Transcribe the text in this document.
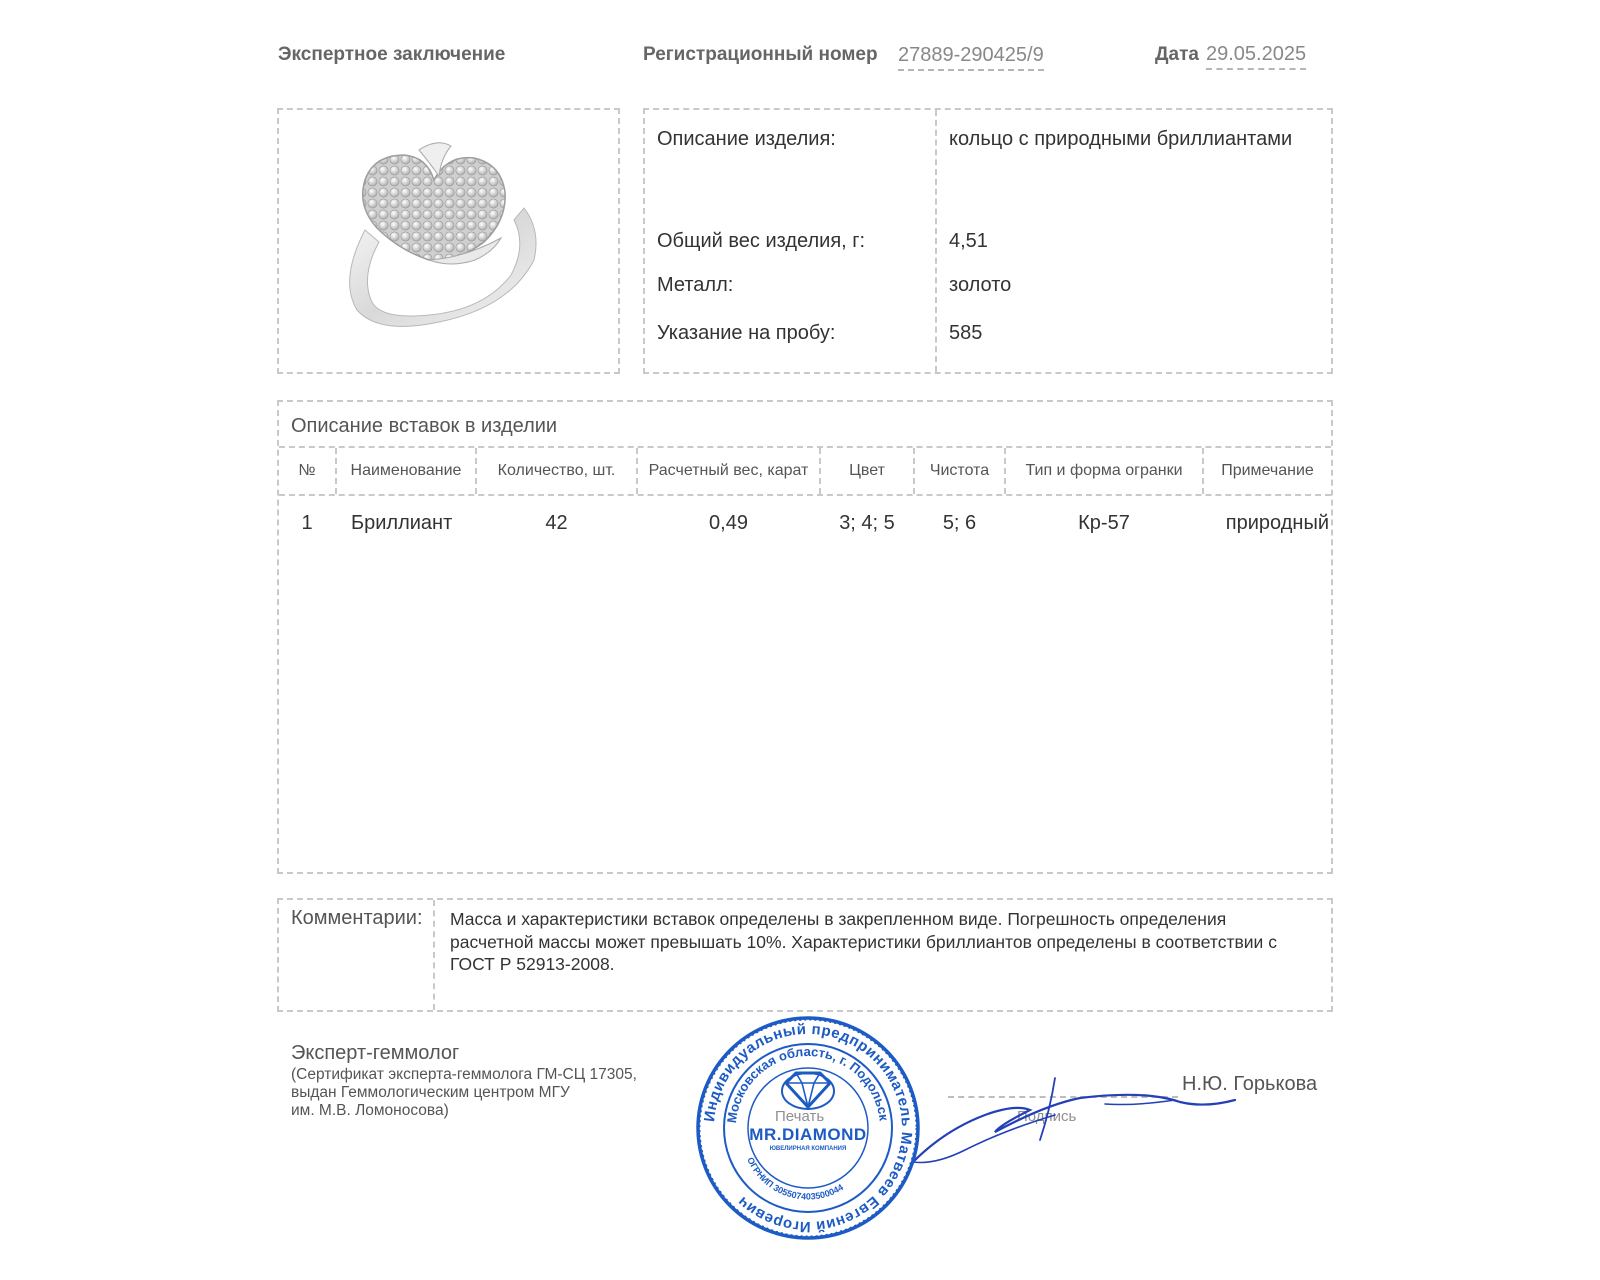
Экспертное заключение	Регистрационный номер 27889-290425/9	Дата 29.05.2025
Описание изделия:	кольцо с природными бриллиантами
Общий вес изделия, г:	4,51
Металл:	золото
Указание на пробу:	585
Описание вставок в изделии
№	Наименование	Количество, шт.	Расчетный вес, карат	Цвет	Чистота	Тип и форма огранки	Примечание
1	Бриллиант	42	0,49	3; 4; 5	5; 6	Кр-57	природный
Комментарии: Масса и характеристики вставок определены в закрепленном виде. Погрешность определения
расчетной массы может превышать 10%. Характеристики бриллиантов определены в соответствии с
ГОСТ Р 52913-2008.
Эксперт-геммолог
(Сертификат эксперта-геммолога ГМ-СЦ 17305,
выдан Геммологическим центром МГУ
им. М.В. Ломоносова)	Печать	Подпись
Н.Ю. Горькова
Индивидуальный предприниматель Матвеев Евгений Игоревич
Московская область, г. Подольск
ОГРНИП 305507403500044
MR.DIAMOND
ЮВЕЛИРНАЯ КОМПАНИЯ
